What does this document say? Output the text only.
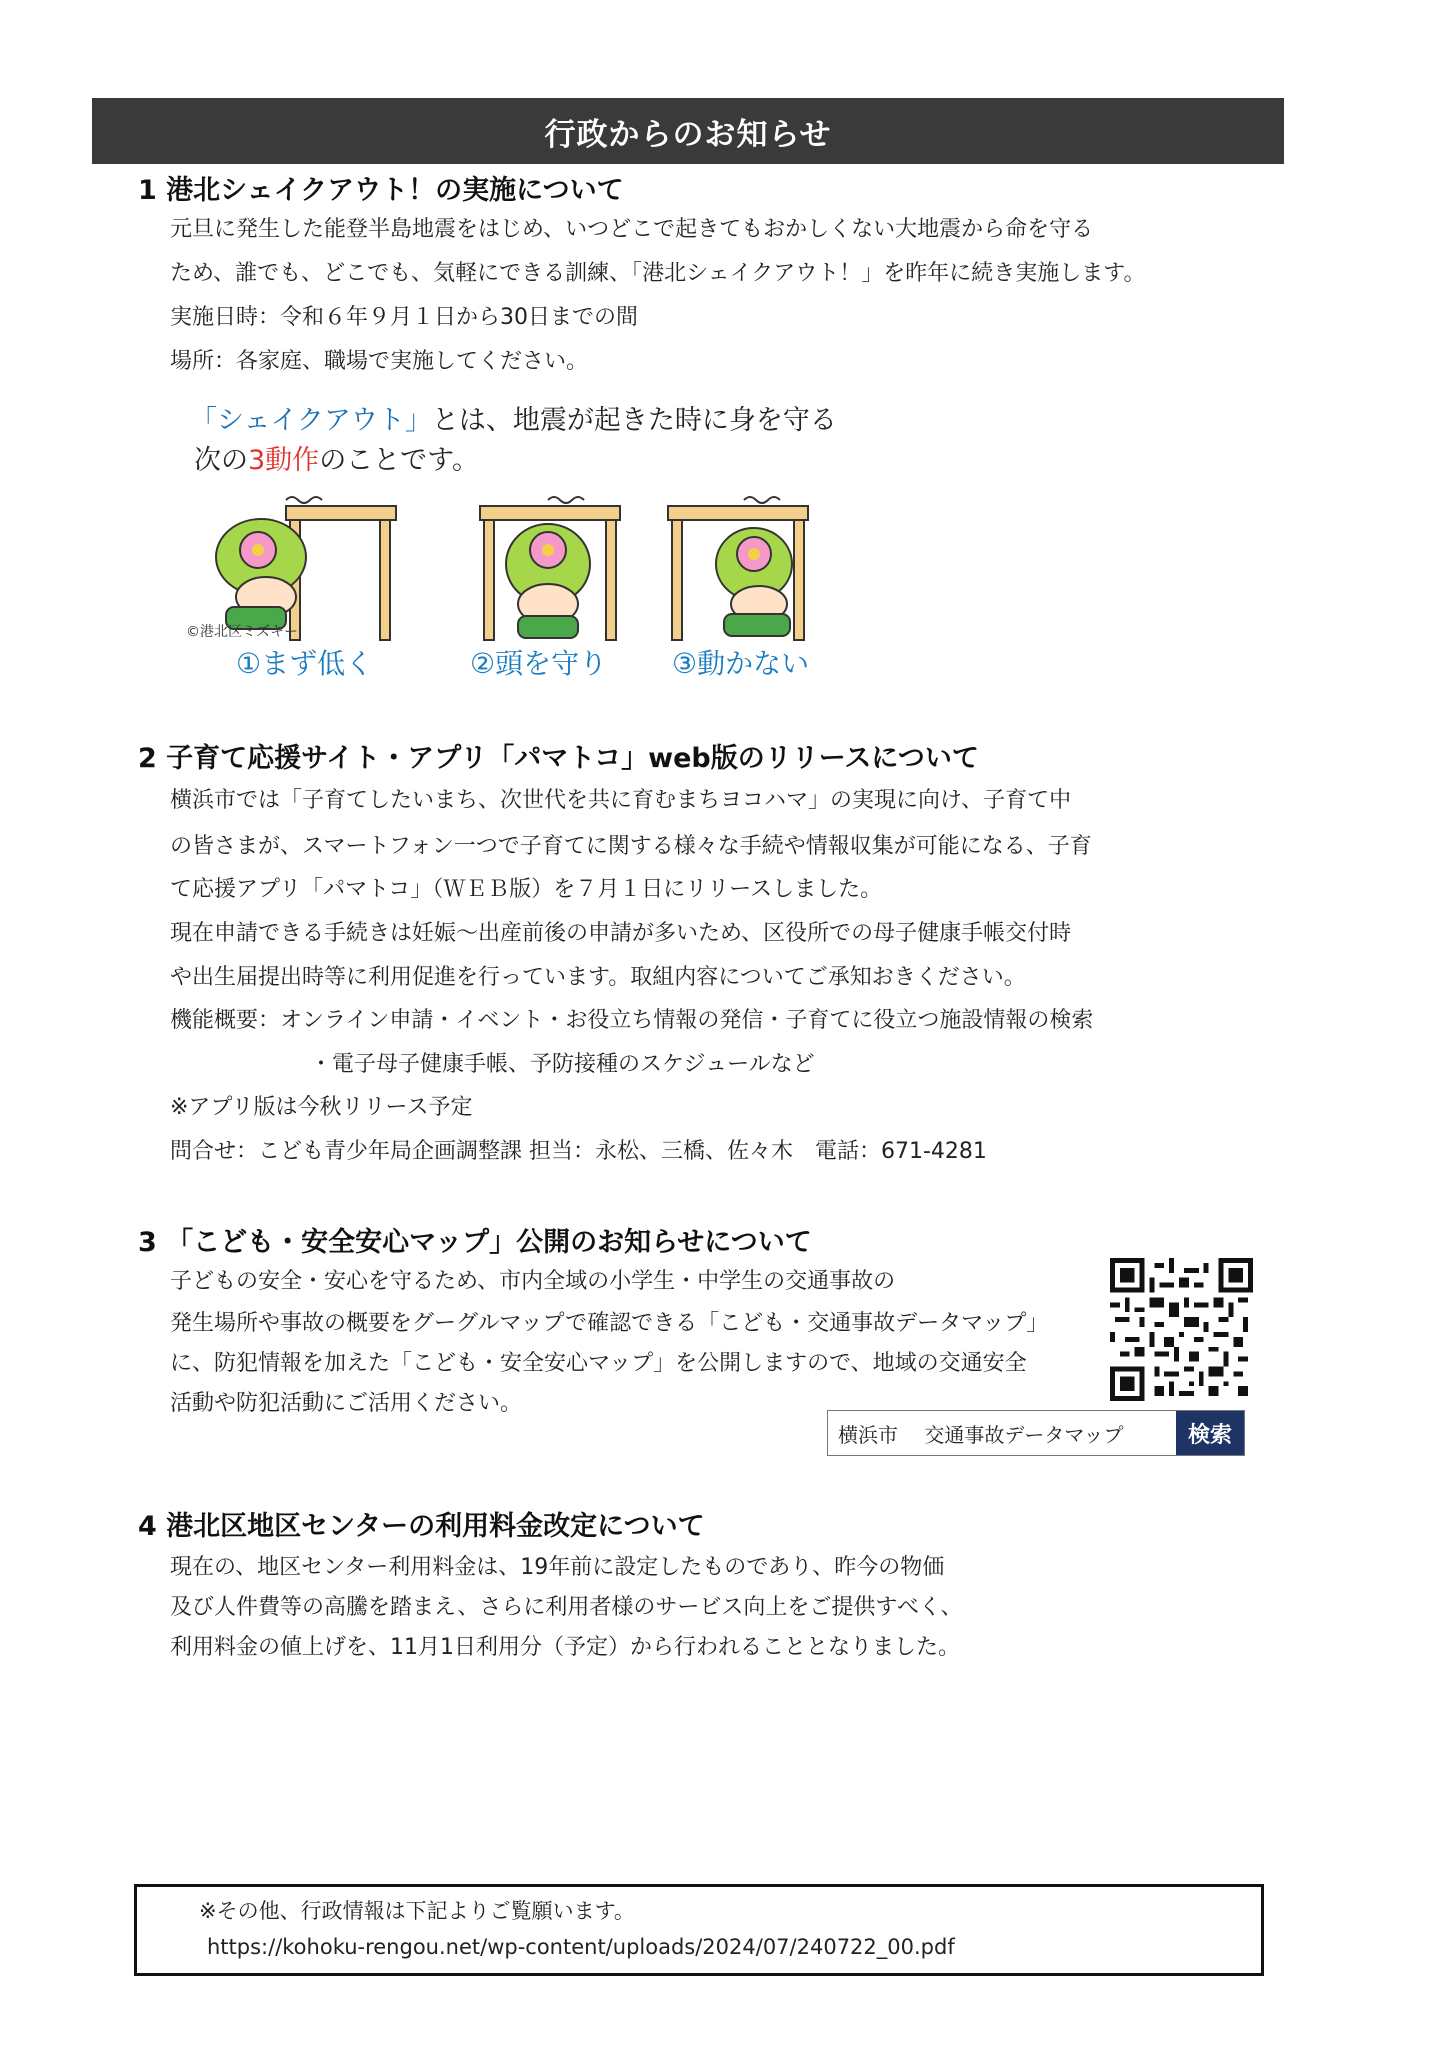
行政からのお知らせ
1 港北シェイクアウト！の実施について
元旦に発生した能登半島地震をはじめ、いつどこで起きてもおかしくない大地震から命を守る
ため、誰でも、どこでも、気軽にできる訓練、「港北シェイクアウト！」を昨年に続き実施します。
実施日時：令和６年９月１日から30日までの間
場所：各家庭、職場で実施してください。
「シェイクアウト」とは、地震が起きた時に身を守る
次の3動作のことです。
©港北区ミズキー
①まず低く	②頭を守り ③動かない
2 子育て応援サイト・アプリ「パマトコ」web版のリリースについて
横浜市では「子育てしたいまち、次世代を共に育むまちヨコハマ」の実現に向け、子育て中
の皆さまが、スマートフォン一つで子育てに関する様々な手続や情報収集が可能になる、子育
て応援アプリ「パマトコ」（ＷＥＢ版）を７月１日にリリースしました。
現在申請できる手続きは妊娠～出産前後の申請が多いため、区役所での母子健康手帳交付時
や出生届提出時等に利用促進を行っています。取組内容についてご承知おきください。
機能概要：オンライン申請・イベント・お役立ち情報の発信・子育てに役立つ施設情報の検索
・電子母子健康手帳、予防接種のスケジュールなど
※アプリ版は今秋リリース予定
問合せ：こども青少年局企画調整課 担当：永松、三橋、佐々木　電話：671-4281
3 「こども・安全安心マップ」公開のお知らせについて
子どもの安全・安心を守るため、市内全域の小学生・中学生の交通事故の
発生場所や事故の概要をグーグルマップで確認できる「こども・交通事故データマップ」
に、防犯情報を加えた「こども・安全安心マップ」を公開しますので、地域の交通安全
活動や防犯活動にご活用ください。
横浜市　 交通事故データマップ	検索
4 港北区地区センターの利用料金改定について
現在の、地区センター利用料金は、19年前に設定したものであり、昨今の物価
及び人件費等の高騰を踏まえ、さらに利用者様のサービス向上をご提供すべく、
利用料金の値上げを、11月1日利用分（予定）から行われることとなりました。
※その他、行政情報は下記よりご覧願います。
https://kohoku-rengou.net/wp-content/uploads/2024/07/240722_00.pdf
